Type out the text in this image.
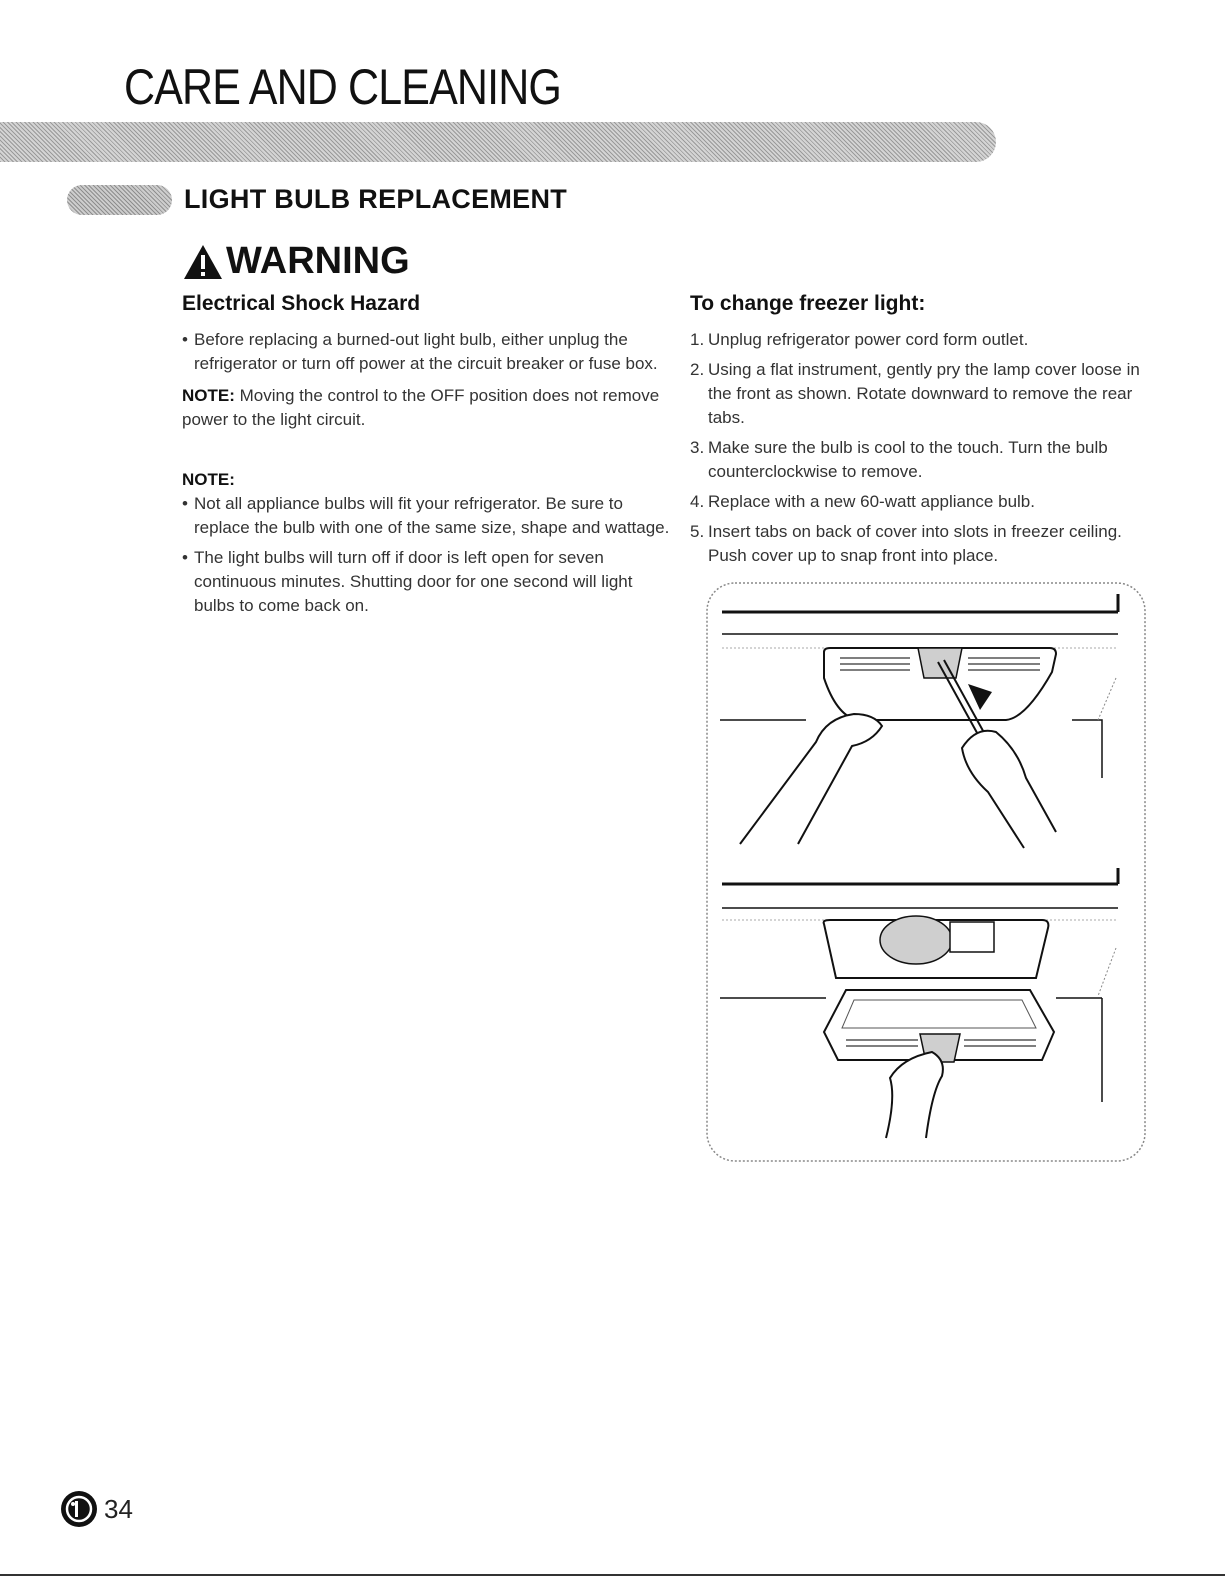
CARE AND CLEANING
LIGHT BULB REPLACEMENT
WARNING
Electrical Shock Hazard
• Before replacing a burned-out light bulb, either unplug the refrigerator or turn off power at the circuit breaker or fuse box.

NOTE: Moving the control to the OFF position does not remove power to the light circuit.

NOTE:
• Not all appliance bulbs will fit your refrigerator. Be sure to replace the bulb with one of the same size, shape and wattage.
• The light bulbs will turn off if door is left open for seven continuous minutes. Shutting door for one second will light bulbs to come back on.
To change freezer light:
1. Unplug refrigerator power cord form outlet.
2. Using a flat instrument, gently pry the lamp cover loose in the front as shown. Rotate downward to remove the rear tabs.
3. Make sure the bulb is cool to the touch. Turn the bulb counterclockwise to remove.
4. Replace with a new 60-watt appliance bulb.
5. Insert tabs on back of cover into slots in freezer ceiling. Push cover up to snap front into place.
34
